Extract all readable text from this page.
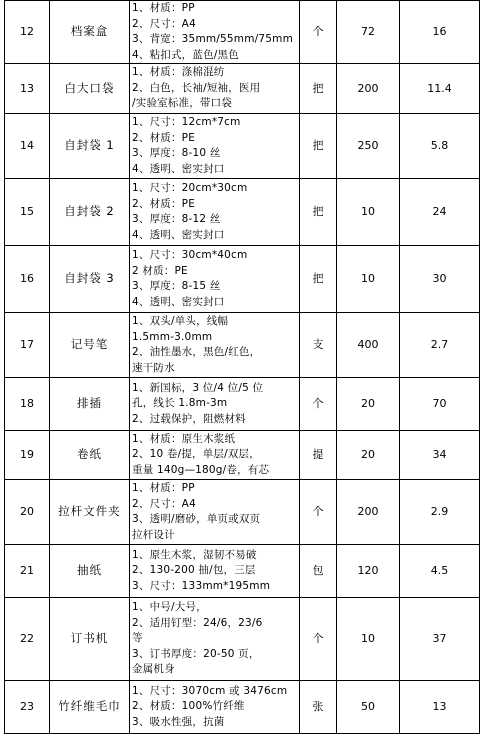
12	档案盒	1、材质：PP
2、尺寸：A4
3、背宽：35mm/55mm/75mm
4、粘扣式，蓝色/黑色	个	72	16
13	白大口袋	1、材质：涤棉混纺
2、白色，长袖/短袖，医用
/实验室标准，带口袋	把	200	11.4
14	自封袋 1	1、尺寸：12cm*7cm
2、材质：PE
3、厚度：8-10 丝
4、透明、密实封口	把	250	5.8
15	自封袋 2	1、尺寸：20cm*30cm
2、材质：PE
3、厚度：8-12 丝
4、透明、密实封口	把	10	24
16	自封袋 3	1、尺寸：30cm*40cm
2 材质：PE
3、厚度：8-15 丝
4、透明、密实封口	把	10	30
17	记号笔	1、双头/单头，线幅
1.5mm-3.0mm
2、油性墨水，黑色/红色，
速干防水	支	400	2.7
18	排插	1、新国标，3 位/4 位/5 位
孔，线长 1.8m-3m
2、过载保护，阻燃材料	个	20	70
19	卷纸	1、材质：原生木浆纸
2、10 卷/提，单层/双层，
重量 140g—180g/卷，有芯	提	20	34
20	拉杆文件夹	1、材质：PP
2、尺寸：A4
3、透明/磨砂，单页或双页
拉杆设计	个	200	2.9
21	抽纸	1、原生木浆，湿韧不易破
2、130-200 抽/包，三层
3、尺寸：133mm*195mm	包	120	4.5
22	订书机	1、中号/大号，
2、适用钉型：24/6，23/6
等
3、订书厚度：20-50 页，
金属机身	个	10	37
23	竹纤维毛巾	1、尺寸：3070cm 或 3476cm
2、材质：100%竹纤维
3、吸水性强，抗菌	张	50	13
